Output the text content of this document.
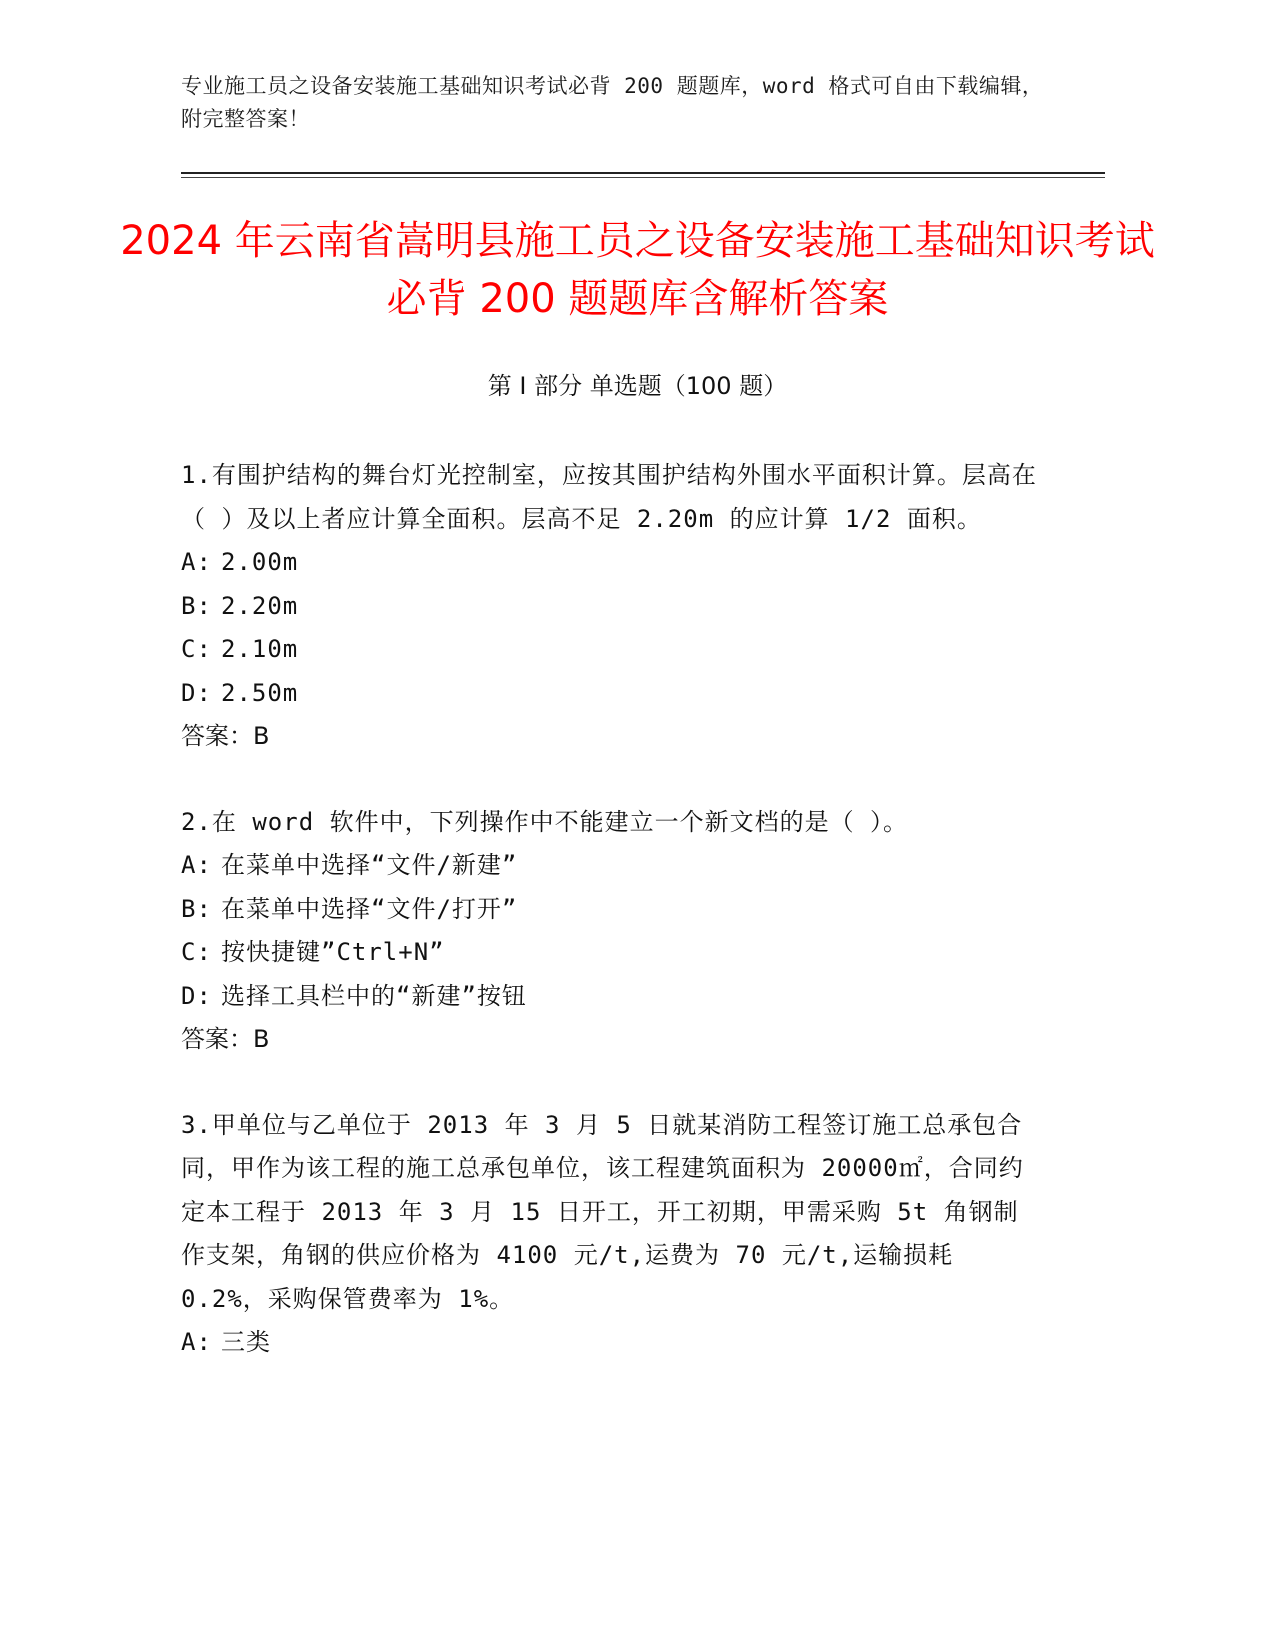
专业施工员之设备安装施工基础知识考试必背 200 题题库，word 格式可自由下载编辑，附完整答案！
2024 年云南省嵩明县施工员之设备安装施工基础知识考试必背 200 题题库含解析答案
第 I 部分 单选题（100 题）

1.有围护结构的舞台灯光控制室，应按其围护结构外围水平面积计算。层高在（ ）及以上者应计算全面积。层高不足 2.20m 的应计算 1/2 面积。

A: 2.00m

B: 2.20m

C: 2.10m

D: 2.50m

答案：B

2.在 word 软件中，下列操作中不能建立一个新文档的是（ ）。

A: 在菜单中选择“文件/新建”

B: 在菜单中选择“文件/打开”

C: 按快捷键”Ctrl+N”

D: 选择工具栏中的“新建”按钮

答案：B

3.甲单位与乙单位于 2013 年 3 月 5 日就某消防工程签订施工总承包合同，甲作为该工程的施工总承包单位，该工程建筑面积为 20000㎡，合同约定本工程于 2013 年 3 月 15 日开工，开工初期，甲需采购 5t 角钢制作支架，角钢的供应价格为 4100 元/t,运费为 70 元/t,运输损耗 0.2%，采购保管费率为 1%。

A: 三类
